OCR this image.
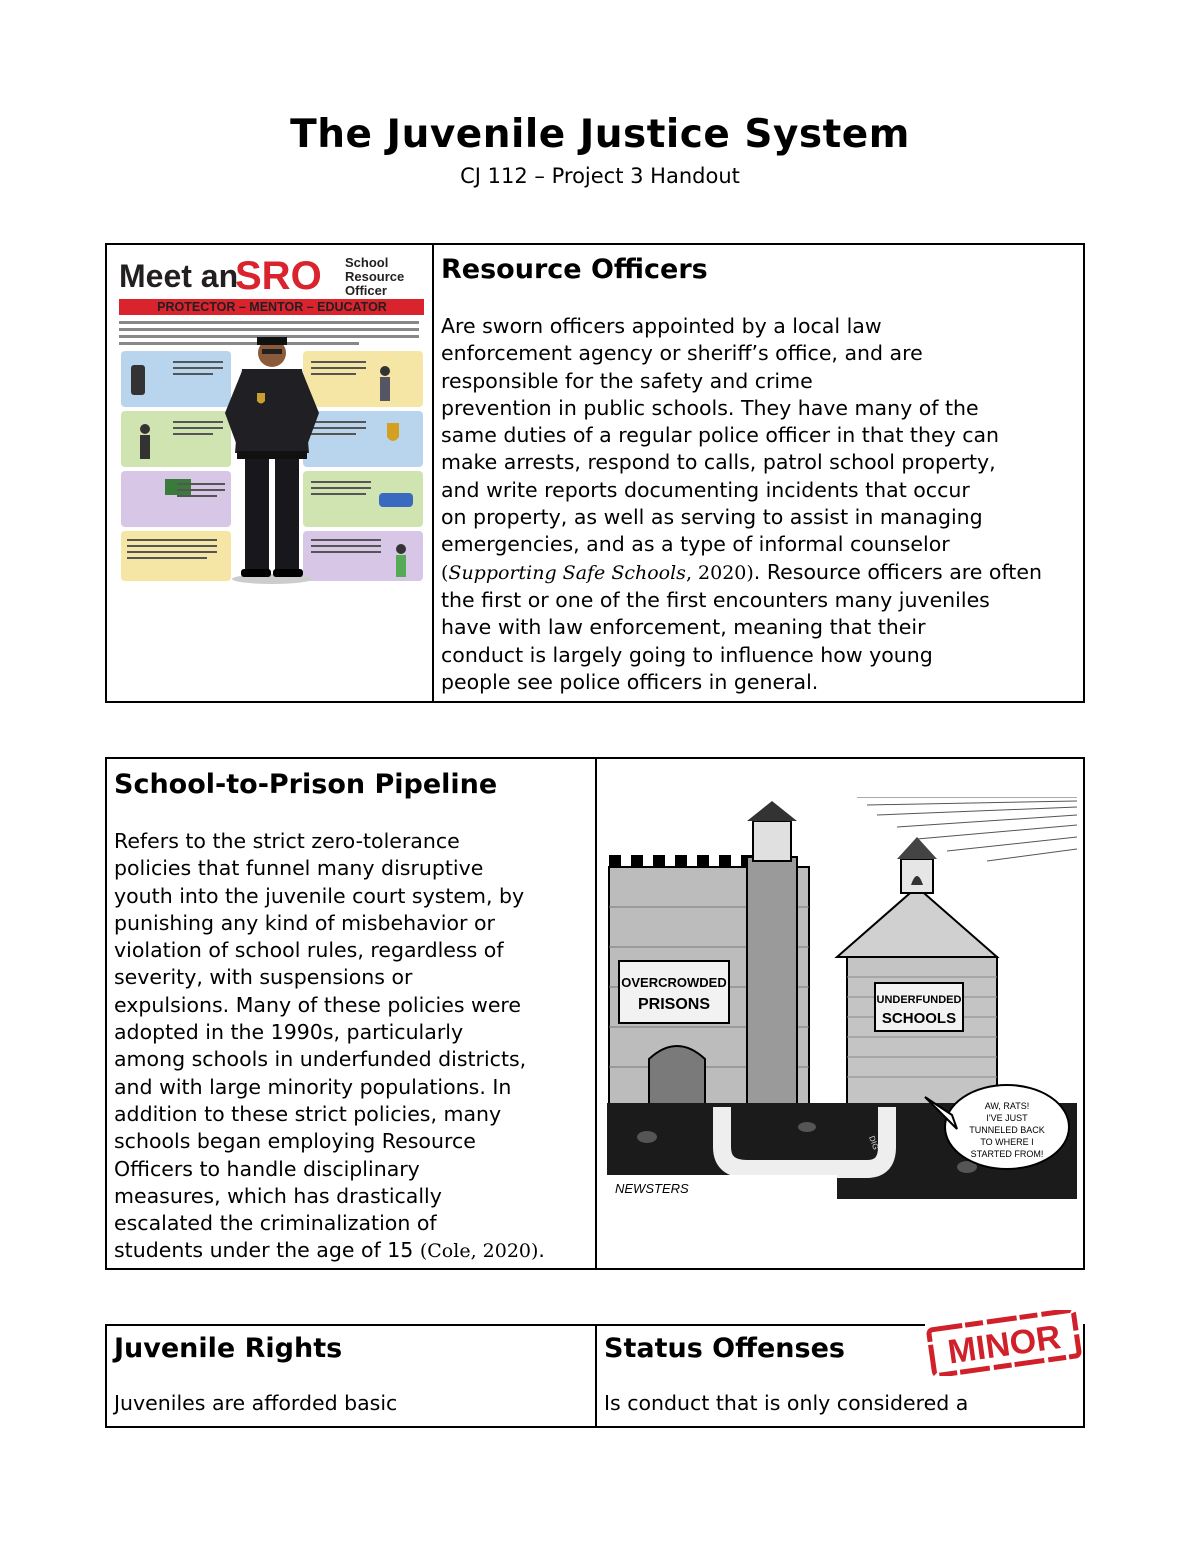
The Juvenile Justice System
CJ 112 – Project 3 Handout
Meet an
SRO School
Resource
Officer
PROTECTOR – MENTOR – EDUCATOR
Resource Officers
Are sworn officers appointed by a local law
enforcement agency or sheriff’s office, and are
responsible for the safety and crime
prevention in public schools. They have many of the
same duties of a regular police officer in that they can
make arrests, respond to calls, patrol school property,
and write reports documenting incidents that occur
on property, as well as serving to assist in managing
emergencies, and as a type of informal counselor
(Supporting Safe Schools, 2020). Resource officers are often
the first or one of the first encounters many juveniles
have with law enforcement, meaning that their
conduct is largely going to influence how young
people see police officers in general.
School-to-Prison Pipeline
Refers to the strict zero-tolerance
policies that funnel many disruptive
youth into the juvenile court system, by
punishing any kind of misbehavior or
violation of school rules, regardless of
severity, with suspensions or
expulsions. Many of these policies were
adopted in the 1990s, particularly
among schools in underfunded districts,
and with large minority populations. In
addition to these strict policies, many
schools began employing Resource
Officers to handle disciplinary
measures, which has drastically
escalated the criminalization of
students under the age of 15 (Cole, 2020).
OVERCROWDED
PRISONS	UNDERFUNDED
SCHOOLS
DIG
AW, RATS!
I'VE JUST
TUNNELED BACK
TO WHERE I
STARTED FROM!
NEWSTERS
Juvenile Rights
Juveniles are afforded basic
Status Offenses
Is conduct that is only considered a
MINOR
